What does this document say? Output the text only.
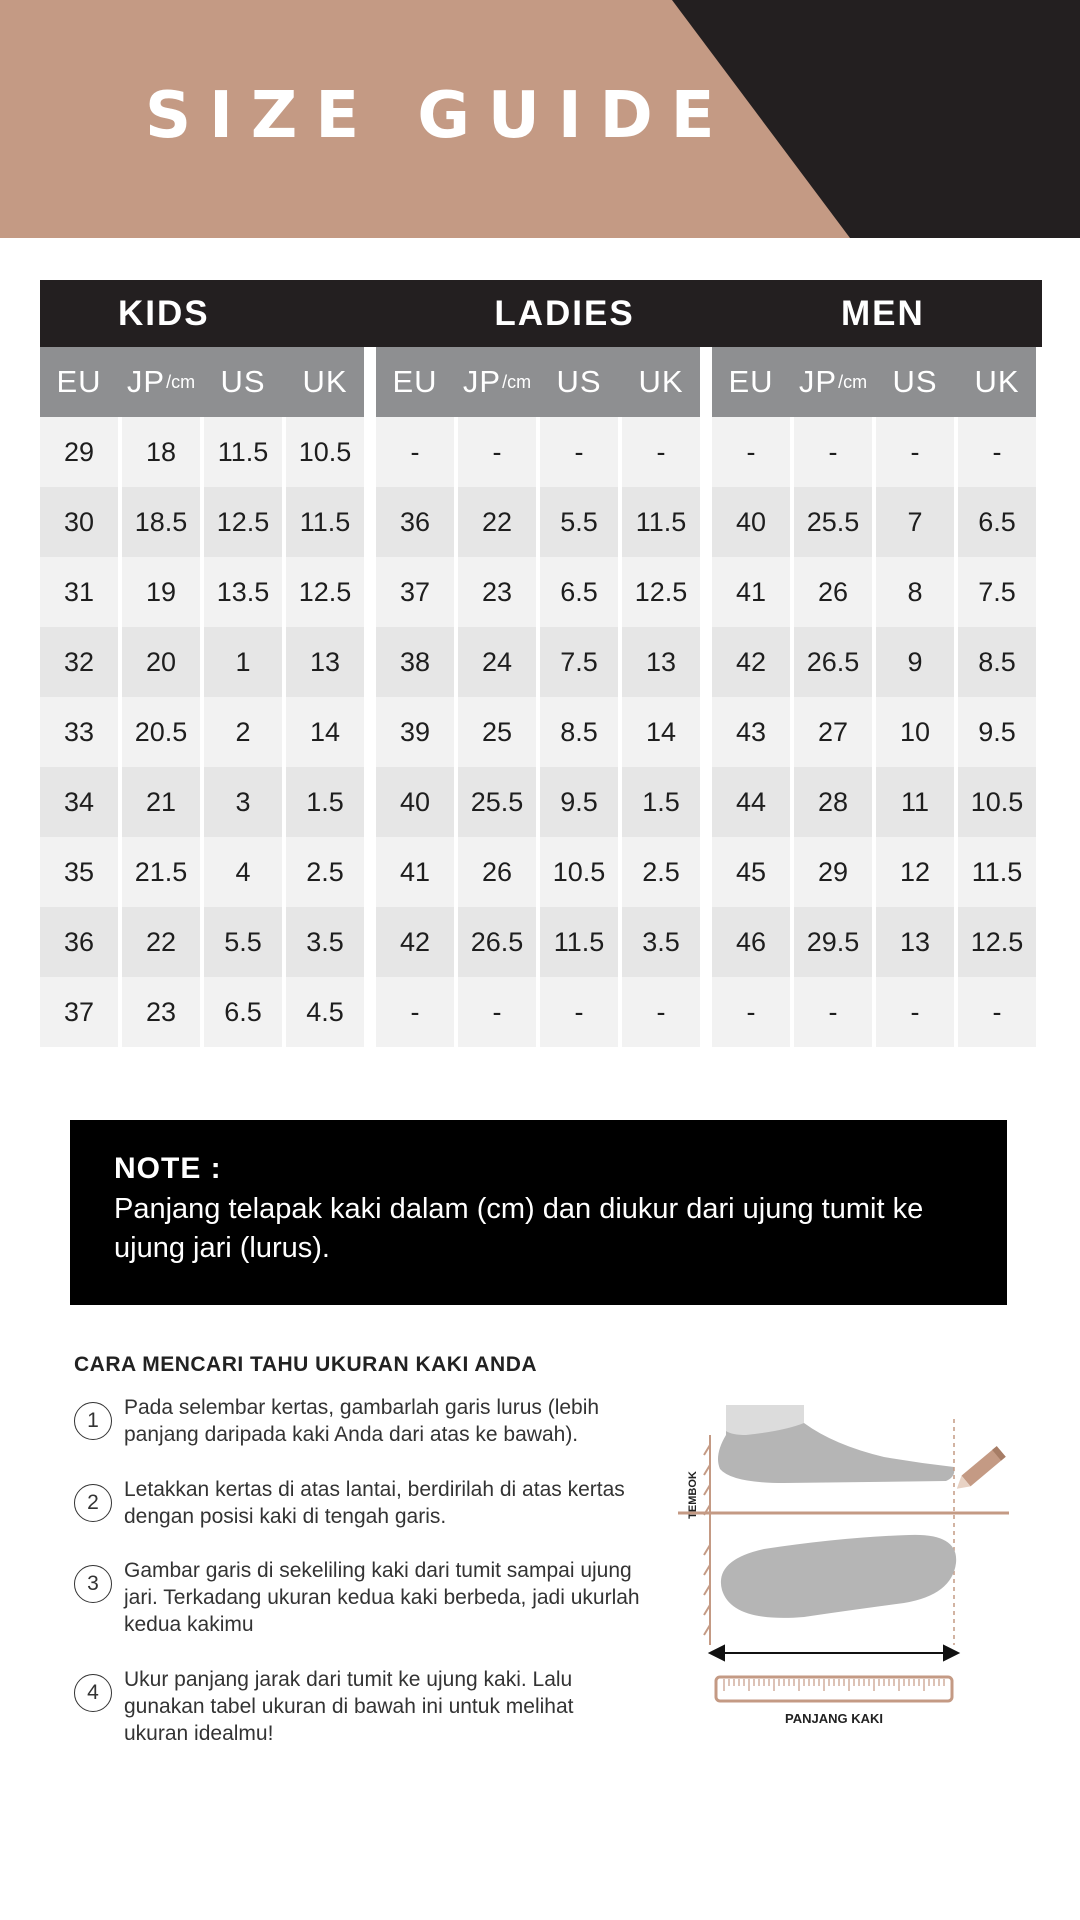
SIZE GUIDE
KIDS	LADIES	MEN
EU JP /cm US UK EU JP /cm US UK EU JP /cm US UK
29	18	11.5	10.5	-	-	-	-	-	-	-	-
30	18.5	12.5	11.5	36	22	5.5	11.5	40	25.5	7	6.5
31	19	13.5	12.5	37	23	6.5	12.5	41	26	8	7.5
32	20	1	13	38	24	7.5	13	42	26.5	9	8.5
33	20.5	2	14	39	25	8.5	14	43	27	10	9.5
34	21	3	1.5	40	25.5	9.5	1.5	44	28	11	10.5
35	21.5	4	2.5	41	26	10.5	2.5	45	29	12	11.5
36	22	5.5	3.5	42	26.5	11.5	3.5	46	29.5	13	12.5
37	23	6.5	4.5	-	-	-	-	-	-	-	-
NOTE :
Panjang telapak kaki dalam (cm) dan diukur dari ujung tumit ke ujung jari (lurus).
CARA MENCARI TAHU UKURAN KAKI ANDA
1
Pada selembar kertas, gambarlah garis lurus (lebih panjang daripada kaki Anda dari atas ke bawah).
2
Letakkan kertas di atas lantai, berdirilah di atas kertas dengan posisi kaki di tengah garis.
3
Gambar garis di sekeliling kaki dari tumit sampai ujung jari. Terkadang ukuran kedua kaki berbeda, jadi ukurlah kedua kakimu
4
Ukur panjang jarak dari tumit ke ujung kaki. Lalu gunakan tabel ukuran di bawah ini untuk melihat ukuran idealmu!
TEMBOK
PANJANG KAKI
